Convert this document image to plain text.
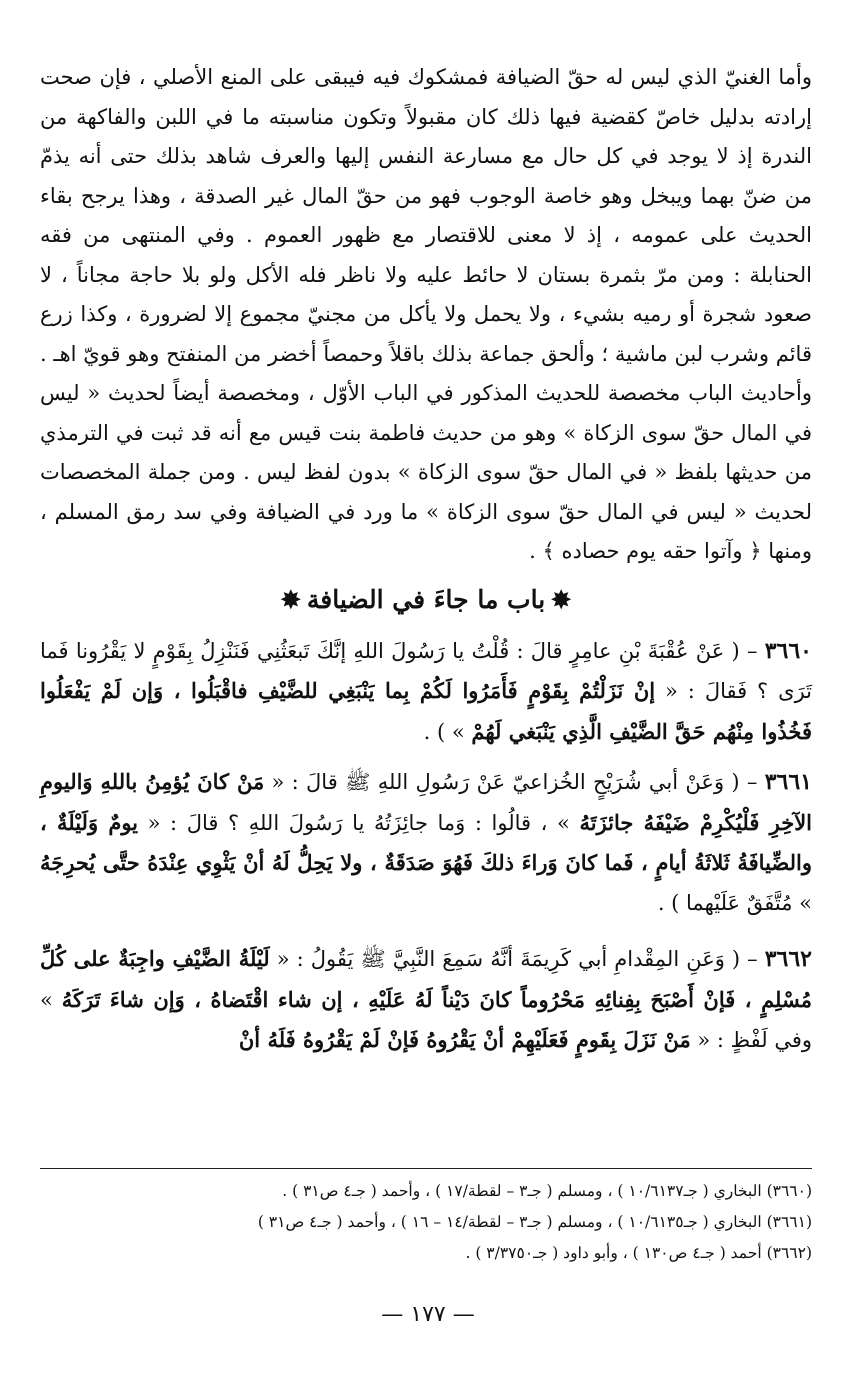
وأما الغنيّ الذي ليس له حقّ الضيافة فمشكوك فيه فيبقى على المنع الأصلي ، فإن صحت إرادته بدليل خاصّ كقضية فيها ذلك كان مقبولاً وتكون مناسبته ما في اللبن والفاكهة من الندرة إذ لا يوجد في كل حال مع مسارعة النفس إليها والعرف شاهد بذلك حتى أنه يذمّ من ضنّ بهما ويبخل وهو خاصة الوجوب فهو من حقّ المال غير الصدقة ، وهذا يرجح بقاء الحديث على عمومه ، إذ لا معنى للاقتصار مع ظهور العموم . وفي المنتهى من فقه الحنابلة : ومن مرّ بثمرة بستان لا حائط عليه ولا ناظر فله الأكل ولو بلا حاجة مجاناً ، لا صعود شجرة أو رميه بشيء ، ولا يحمل ولا يأكل من مجنيّ مجموع إلا لضرورة ، وكذا زرع قائم وشرب لبن ماشية ؛ وألحق جماعة بذلك باقلاً وحمصاً أخضر من المنفتح وهو قويّ اهـ . وأحاديث الباب مخصصة للحديث المذكور في الباب الأوّل ، ومخصصة أيضاً لحديث « ليس في المال حقّ سوى الزكاة » وهو من حديث فاطمة بنت قيس مع أنه قد ثبت في الترمذي من حديثها بلفظ « في المال حقّ سوى الزكاة » بدون لفظ ليس . ومن جملة المخصصات لحديث « ليس في المال حقّ سوى الزكاة » ما ورد في الضيافة وفي سد رمق المسلم ، ومنها ﴿ وآتوا حقه يوم حصاده ﴾ .

✸باب ما جاءَ في الضيافة✸

٣٦٦٠ – ( عَنْ عُقْبَةَ بْنِ عامِرٍ قالَ : قُلْتُ يا رَسُولَ اللهِ إنَّكَ تَبعَثُنِي فَنَنْزِلُ بِقَوْمٍ لا يَقْرُونا فَما تَرَى ؟ فَقالَ : « إنْ نَزَلْتُمْ بِقَوْمٍ فَأَمَرُوا لَكُمْ بِما يَنْبَغِي للضَّيْفِ فاقْبَلُوا ، وَإن لَمْ يَفْعَلُوا فَخُذُوا مِنْهُم حَقَّ الضَّيْفِ الَّذِي يَنْبَغي لَهُمْ » ) .

٣٦٦١ – ( وَعَنْ أبي شُرَيْحٍ الخُزاعيّ عَنْ رَسُولِ اللهِ ﷺ قالَ : « مَنْ كانَ يُؤمِنُ باللهِ وَاليومِ الآخِرِ فَلْيُكْرِمْ ضَيْفَهُ جائزَتَهُ » ، قالُوا : وَما جائِزَتُهُ يا رَسُولَ اللهِ ؟ قالَ : « يومٌ وَلَيْلَةٌ ، والضِّيافَةُ ثَلاثَةُ أيامٍ ، فَما كانَ وَراءَ ذلكَ فَهُوَ صَدَقَةٌ ، ولا يَحِلُّ لَهُ أنْ يَثْوِي عِنْدَهُ حتَّى يُحرِجَهُ » مُتَّفَقٌ عَلَيْهما ) .

٣٦٦٢ – ( وَعَنِ المِقْدامِ أبي كَرِيمَةَ أنَّهُ سَمِعَ النَّبِيَّ ﷺ يَقُولُ : « لَيْلَةُ الضَّيْفِ واجِبَةٌ على كُلِّ مُسْلِمٍ ، فَإنْ أَصْبَحَ بِفِنائِهِ مَحْرُوماً كانَ دَيْناً لَهُ عَلَيْهِ ، إن شاء اقْتَضاهُ ، وَإن شاءَ تَرَكَهُ » وفي لَفْظٍ : « مَنْ نَزَلَ بِقَومٍ فَعَلَيْهِمْ أنْ يَقْرُوهُ فَإنْ لَمْ يَقْرُوهُ فَلَهُ أنْ

(٣٦٦٠) البخاري ( جـ١٠/٦١٣٧ ) ، ومسلم ( جـ٣ – لقطة/١٧ ) ، وأحمد ( جـ٤ ص٣١ ) .

(٣٦٦١) البخاري ( جـ١٠/٦١٣٥ ) ، ومسلم ( جـ٣ – لقطة/١٤ – ١٦ ) ، وأحمد ( جـ٤ ص٣١ )

(٣٦٦٢) أحمد ( جـ٤ ص١٣٠ ) ، وأبو داود ( جـ٣/٣٧٥٠ ) .

— ١٧٧ —
